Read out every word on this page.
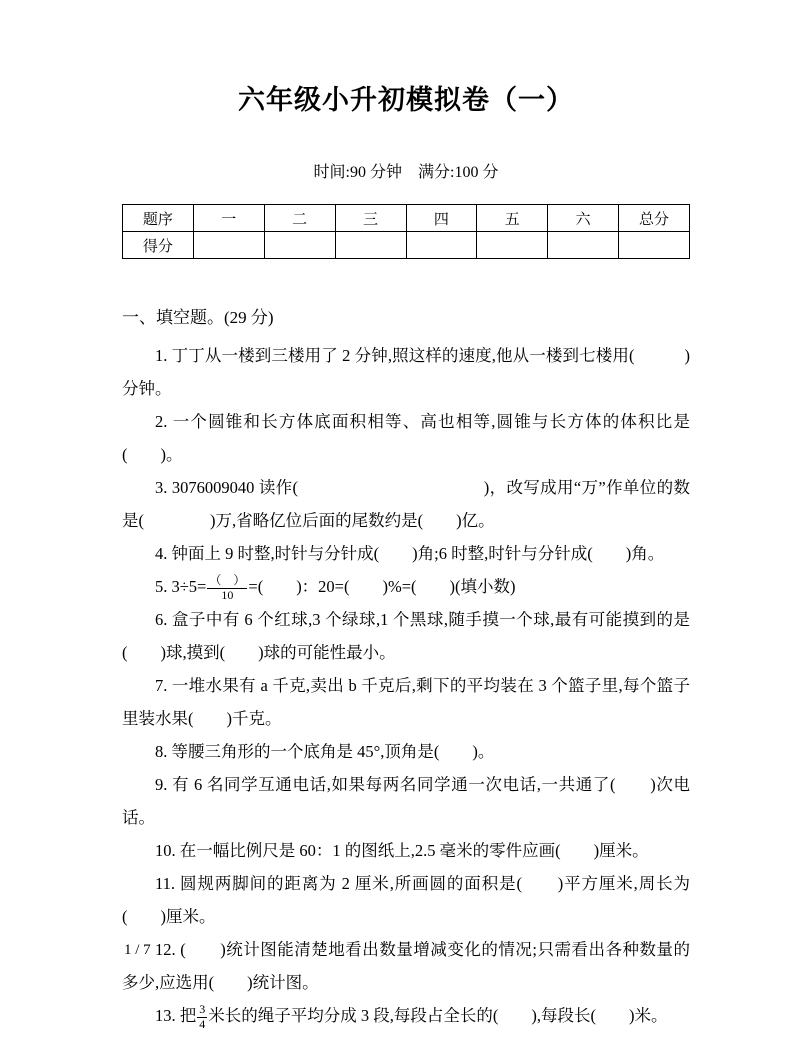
六年级小升初模拟卷（一）
时间:90 分钟　满分:100 分
题序	一	二	三	四	五	六	总分
得分							
一、填空题。(29 分)

1. 丁丁从一楼到三楼用了 2 分钟,照这样的速度,他从一楼到七楼用(　　　)分钟。

2. 一个圆锥和长方体底面积相等、高也相等,圆锥与长方体的体积比是(　　)。

3. 3076009040 读作(　　　　　　　　　　　)，改写成用“万”作单位的数是(　　　　)万,省略亿位后面的尾数约是(　　)亿。

4. 钟面上 9 时整,时针与分针成(　　)角;6 时整,时针与分针成(　　)角。

5. $3\div 5= \frac{( )}{10}$ =(　　)：20=(　　)%=(　　)(填小数)

6. 盒子中有 6 个红球,3 个绿球,1 个黑球,随手摸一个球,最有可能摸到的是(　　)球,摸到(　　)球的可能性最小。

7. 一堆水果有 a 千克,卖出 b 千克后,剩下的平均装在 3 个篮子里,每个篮子里装水果(　　)千克。

8. 等腰三角形的一个底角是 45°,顶角是(　　)。

9. 有 6 名同学互通电话,如果每两名同学通一次电话,一共通了(　　)次电话。

10. 在一幅比例尺是 60：1 的图纸上,2.5 毫米的零件应画(　　)厘米。

11. 圆规两脚间的距离为 2 厘米,所画圆的面积是(　　)平方厘米,周长为(　　)厘米。

12. (　　)统计图能清楚地看出数量增减变化的情况;只需看出各种数量的多少,应选用(　　)统计图。

13. 把 $\frac{3}{4}$ 米长的绳子平均分成 3 段,每段占全长的(　　),每段长(　　)米。

1 / 7
